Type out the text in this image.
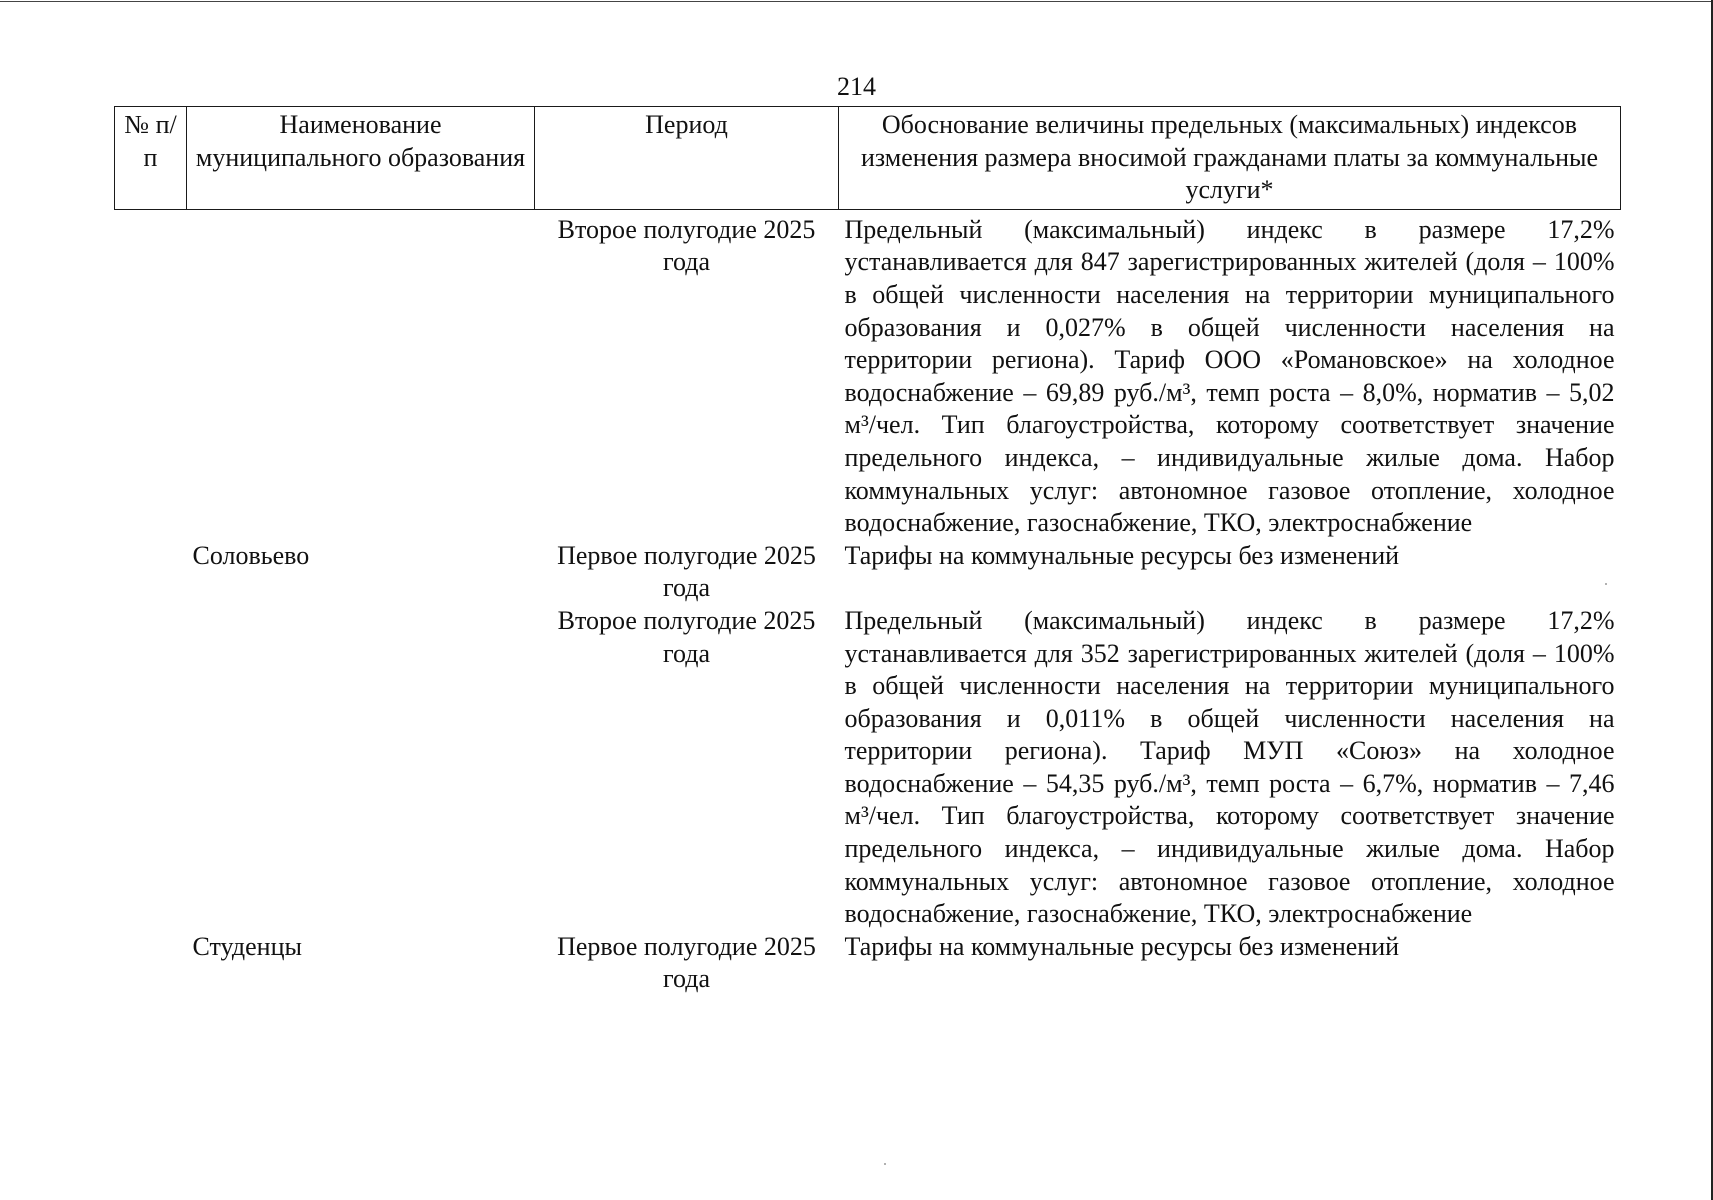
214
№ п/п	Наименование муниципального образования	Период	Обоснование величины предельных (максимальных) индексов изменения размера вносимой гражданами платы за коммунальные услуги*
		Второе полугодие 2025 года	Предельный (максимальный) индекс в размере 17,2% устанавливается для 847 зарегистрированных жителей (доля – 100% в общей численности населения на территории муниципального образования и 0,027% в общей численности населения на территории региона). Тариф ООО «Романовское» на холодное водоснабжение – 69,89 руб./м³, темп роста – 8,0%, норматив – 5,02 м³/чел. Тип благоустройства, которому соответствует значение предельного индекса, – индивидуальные жилые дома. Набор коммунальных услуг: автономное газовое отопление, холодное водоснабжение, газоснабжение, ТКО, электроснабжение

	Соловьево	Первое полугодие 2025 года	Тарифы на коммунальные ресурсы без изменений

		Второе полугодие 2025 года	Предельный (максимальный) индекс в размере 17,2% устанавливается для 352 зарегистрированных жителей (доля – 100% в общей численности населения на территории муниципального образования и 0,011% в общей численности населения на территории региона). Тариф МУП «Союз» на холодное водоснабжение – 54,35 руб./м³, темп роста – 6,7%, норматив – 7,46 м³/чел. Тип благоустройства, которому соответствует значение предельного индекса, – индивидуальные жилые дома. Набор коммунальных услуг: автономное газовое отопление, холодное водоснабжение, газоснабжение, ТКО, электроснабжение

	Студенцы	Первое полугодие 2025 года	Тарифы на коммунальные ресурсы без изменений
